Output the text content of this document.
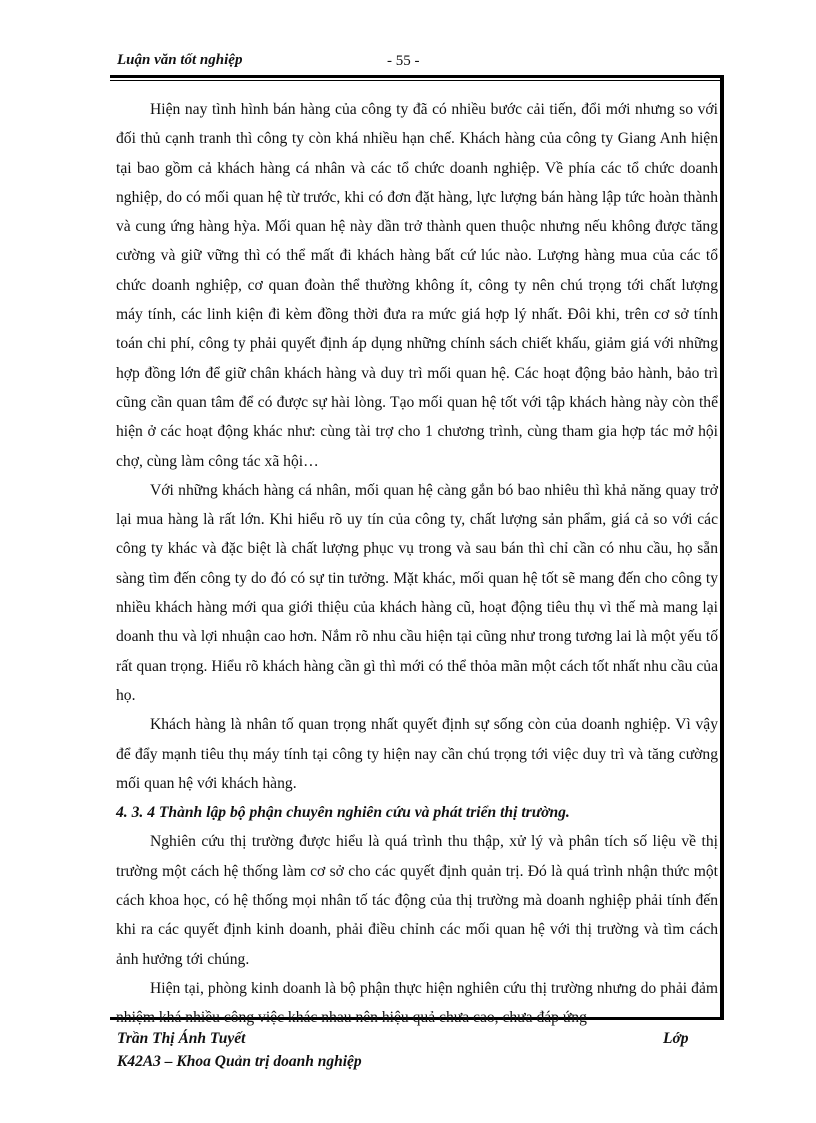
Luận văn tốt nghiệp	- 55 -

Hiện nay tình hình bán hàng của công ty đã có nhiều bước cải tiến, đổi mới nhưng so với đối thủ cạnh tranh thì công ty còn khá nhiều hạn chế. Khách hàng của công ty Giang Anh hiện tại bao gồm cả khách hàng cá nhân và các tổ chức doanh nghiệp. Về phía các tổ chức doanh nghiệp, do có mối quan hệ từ trước, khi có đơn đặt hàng, lực lượng bán hàng lập tức hoàn thành và cung ứng hàng hỳa. Mối quan hệ này dần trở thành quen thuộc nhưng nếu không được tăng cường và giữ vững thì có thể mất đi khách hàng bất cứ lúc nào. Lượng hàng mua của các tổ chức doanh nghiệp, cơ quan đoàn thể thường không ít, công ty nên chú trọng tới chất lượng máy tính, các linh kiện đi kèm đồng thời đưa ra mức giá hợp lý nhất. Đôi khi, trên cơ sở tính toán chi phí, công ty phải quyết định áp dụng những chính sách chiết khấu, giảm giá với những hợp đồng lớn để giữ chân khách hàng và duy trì mối quan hệ. Các hoạt động bảo hành, bảo trì cũng cần quan tâm để có được sự hài lòng. Tạo mối quan hệ tốt với tập khách hàng này còn thể hiện ở các hoạt động khác như: cùng tài trợ cho 1 chương trình, cùng tham gia hợp tác mở hội chợ, cùng làm công tác xã hội…

Với những khách hàng cá nhân, mối quan hệ càng gắn bó bao nhiêu thì khả năng quay trở lại mua hàng là rất lớn. Khi hiểu rõ uy tín của công ty, chất lượng sản phẩm, giá cả so với các công ty khác và đặc biệt là chất lượng phục vụ trong và sau bán thì chỉ cần có nhu cầu, họ sẵn sàng tìm đến công ty do đó có sự tin tưởng. Mặt khác, mối quan hệ tốt sẽ mang đến cho công ty nhiều khách hàng mới qua giới thiệu của khách hàng cũ, hoạt động tiêu thụ vì thế mà mang lại doanh thu và lợi nhuận cao hơn. Nắm rõ nhu cầu hiện tại cũng như trong tương lai là một yếu tố rất quan trọng. Hiểu rõ khách hàng cần gì thì mới có thể thỏa mãn một cách tốt nhất nhu cầu của họ.

Khách hàng là nhân tố quan trọng nhất quyết định sự sống còn của doanh nghiệp. Vì vậy để đẩy mạnh tiêu thụ máy tính tại công ty hiện nay cần chú trọng tới việc duy trì và tăng cường mối quan hệ với khách hàng.

4. 3. 4 Thành lập bộ phận chuyên nghiên cứu và phát triển thị trường.

Nghiên cứu thị trường được hiểu là quá trình thu thập, xử lý và phân tích số liệu về thị trường một cách hệ thống làm cơ sở cho các quyết định quản trị. Đó là quá trình nhận thức một cách khoa học, có hệ thống mọi nhân tố tác động của thị trường mà doanh nghiệp phải tính đến khi ra các quyết định kinh doanh, phải điều chỉnh các mối quan hệ với thị trường và tìm cách ảnh hưởng tới chúng.

Hiện tại, phòng kinh doanh là bộ phận thực hiện nghiên cứu thị trường nhưng do phải đảm nhiệm khá nhiều công việc khác nhau nên hiệu quả chưa cao, chưa đáp ứng

Trần Thị Ánh Tuyết	Lớp
K42A3 – Khoa Quản trị doanh nghiệp
